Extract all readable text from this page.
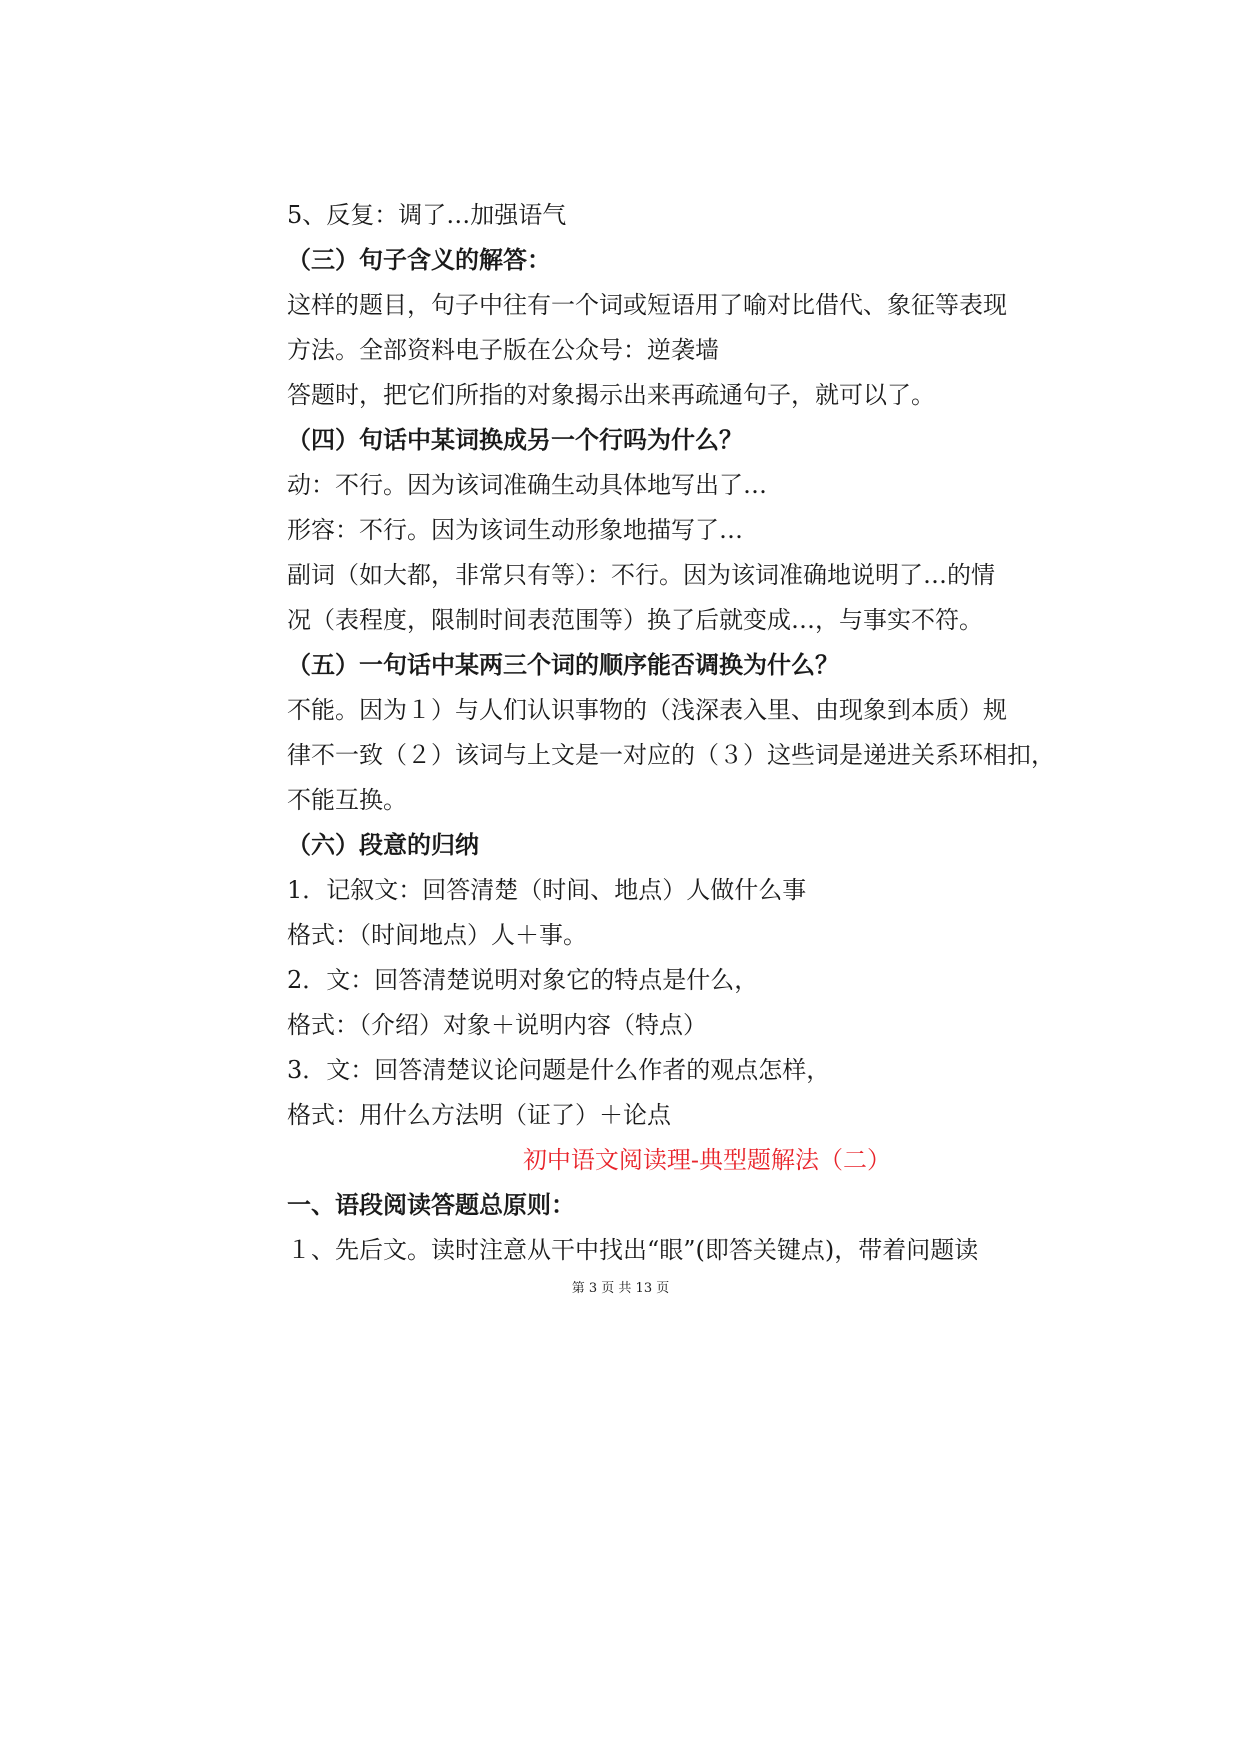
5、反复：调了…加强语气
（三）句子含义的解答：
这样的题目，句子中往有一个词或短语用了喻对比借代、象征等表现
方法。全部资料电子版在公众号：逆袭墙
答题时，把它们所指的对象揭示出来再疏通句子，就可以了。
（四）句话中某词换成另一个行吗为什么？
动：不行。因为该词准确生动具体地写出了…
形容：不行。因为该词生动形象地描写了…
副词（如大都，非常只有等）：不行。因为该词准确地说明了…的情
况（表程度，限制时间表范围等）换了后就变成…，与事实不符。
（五）一句话中某两三个词的顺序能否调换为什么？
不能。因为１）与人们认识事物的（浅深表入里、由现象到本质）规
律不一致（２）该词与上文是一对应的（３）这些词是递进关系环相扣，
不能互换。
（六）段意的归纳
1．记叙文：回答清楚（时间、地点）人做什么事
格式：（时间地点）人＋事。
2．文：回答清楚说明对象它的特点是什么，
格式：（介绍）对象＋说明内容（特点）
3．文：回答清楚议论问题是什么作者的观点怎样，
格式：用什么方法明（证了）＋论点
初中语文阅读理-典型题解法（二）
一、语段阅读答题总原则：
１、先后文。读时注意从干中找出“眼”(即答关键点)，带着问题读
第 3 页 共 13 页
